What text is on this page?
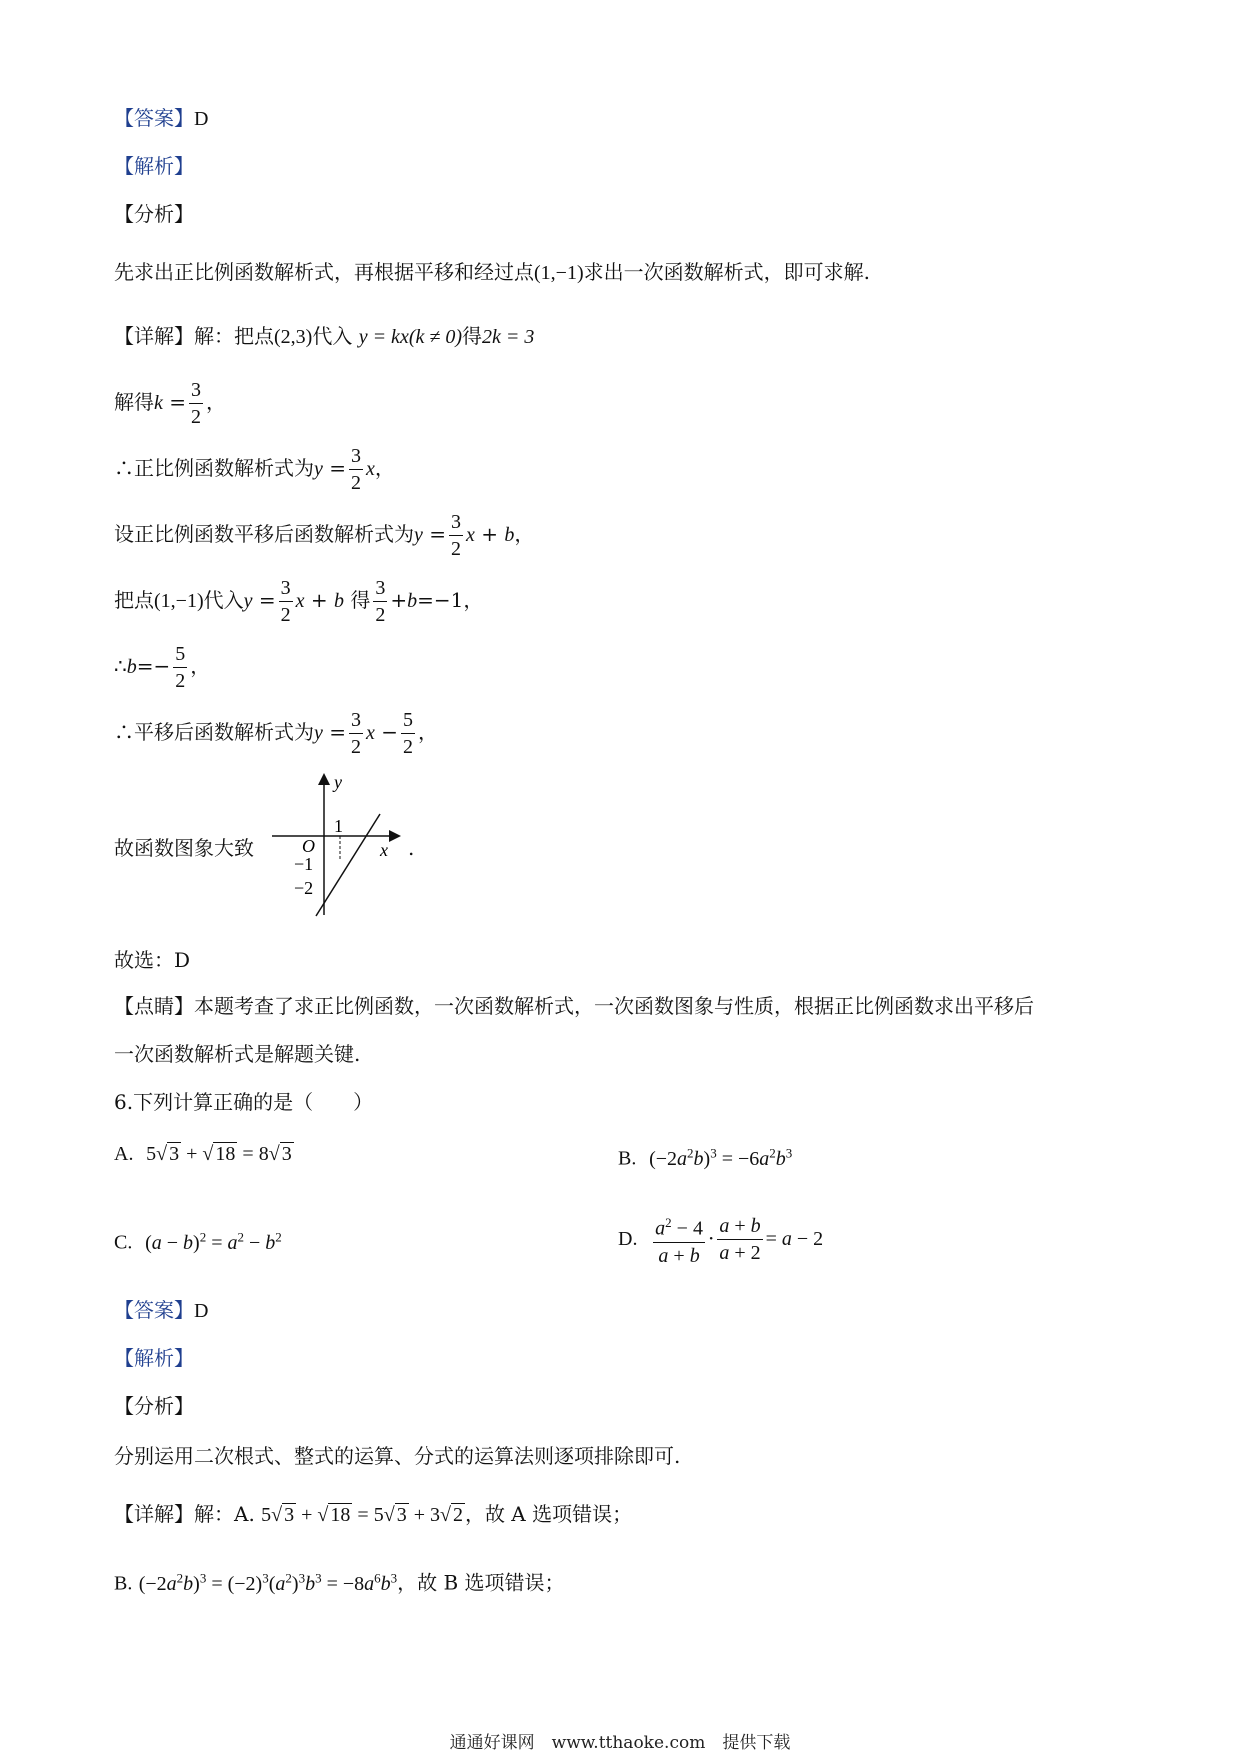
【答案】D
【解析】
【分析】
先求出正比例函数解析式，再根据平移和经过点(1,−1)求出一次函数解析式，即可求解.
【详解】解：把点(2,3)代入 y = kx(k ≠ 0)得2k = 3
解得$k = \frac{3}{2}$ ，
∴正比例函数解析式为$y = \frac{3}{2}$ x，
设正比例函数平移后函数解析式为$y = \frac{3}{2}$ x + b，
把点(1,−1)代入$y = \frac{3}{2}$ x + b 得 $\frac{3}{2} +b=-1$，
∴b=− $\frac{5}{2}$ ，
∴平移后函数解析式为$y = \frac{3}{2}$ $x - \frac{5}{2}$ ，
故函数图象大致
y
x
O
1
−1
−2
.
故选：D
【点睛】本题考查了求正比例函数，一次函数解析式，一次函数图象与性质，根据正比例函数求出平移后
一次函数解析式是解题关键.
6.下列计算正确的是（　　）
A. 5√ 3 + √ 18 = 8√ 3	B. $(-2a^2b)^3 = -6a^2b^3$
C. $(a - b)^2 = a^2 - b^2$	D. $\frac{a^2 - 4}{a + b} \cdot \frac{a + b}{a + 2} = a - 2$
【答案】D
【解析】
【分析】
分别运用二次根式、整式的运算、分式的运算法则逐项排除即可.
【详解】解：A. 5√ 3 + √ 18 = 5√ 3 + 3√ 2 ，故 A 选项错误；
B. $(-2a^2b)^3 = (-2)^3(a^2)^3b^3 = -8a^6b^3$，故 B 选项错误；
通通好课网　www.tthaoke.com　提供下载
